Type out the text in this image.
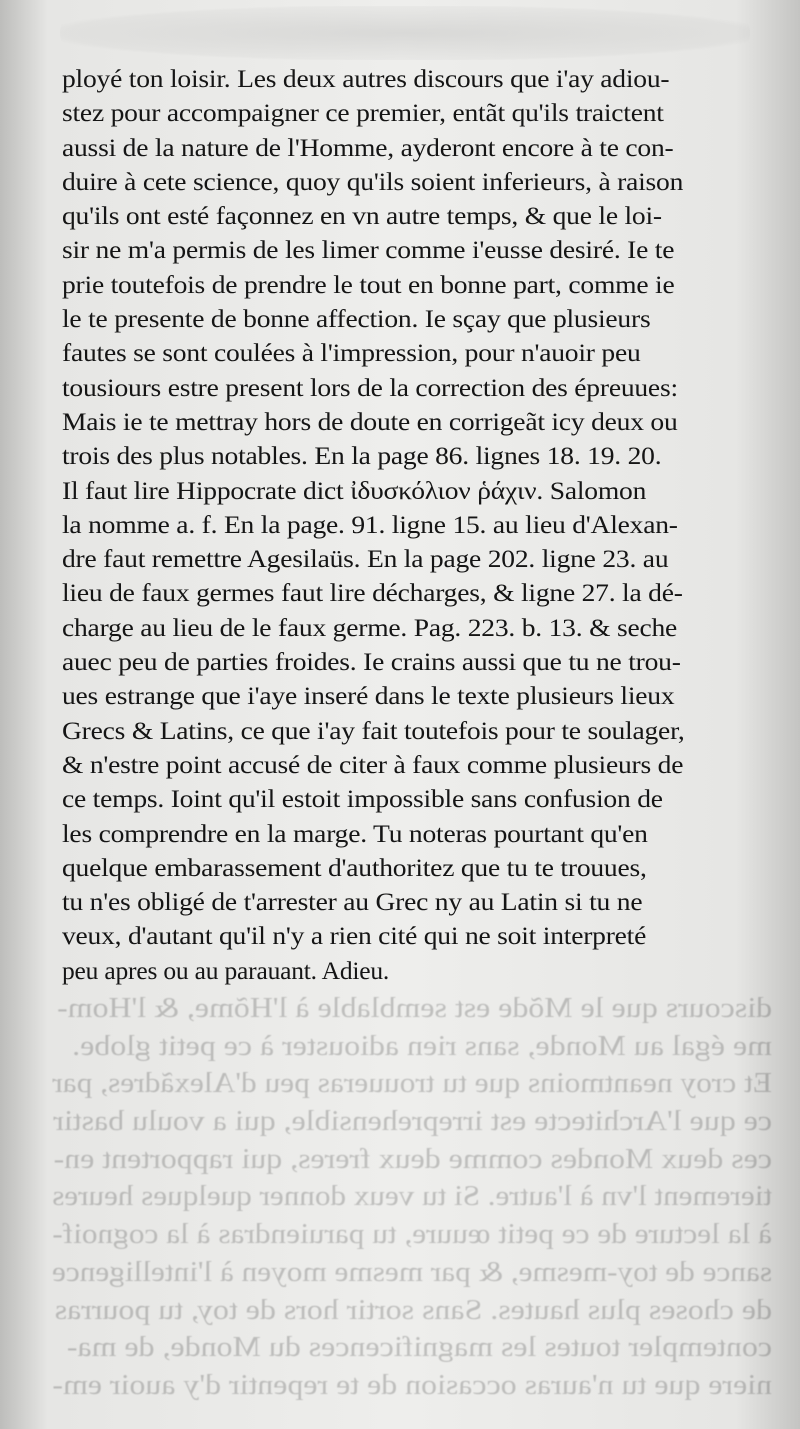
discours que le Mõde est semblable à l'Hõme, & l'Hom-
me égal au Monde, sans rien adiouster à ce petit globe.
Et croy neantmoins que tu trouueras peu d'Alexãdres, par
ce que l'Architecte est irreprehensible, qui a voulu bastir
ces deux Mondes comme deux freres, qui rapportent en-
tierement l'vn à l'autre. Si tu veux donner quelques heures
à la lecture de ce petit œuure, tu paruiendras à la cognoif-
sance de toy-mesme, & par mesme moyen à l'intelligence
de choses plus hautes. Sans sortir hors de toy, tu pourras
contempler toutes les magnificences du Monde, de ma-
niere que tu n'auras occasion de te repentir d'y auoir em-
ployé ton loisir. Les deux autres discours que i'ay adiou-
stez pour accompaigner ce premier, entãt qu'ils traictent
aussi de la nature de l'Homme, ayderont encore à te con-
duire à cete science, quoy qu'ils soient inferieurs, à raison
qu'ils ont esté façonnez en vn autre temps, & que le loi-
sir ne m'a permis de les limer comme i'eusse desiré. Ie te
prie toutefois de prendre le tout en bonne part, comme ie
le te presente de bonne affection. Ie sçay que plusieurs
fautes se sont coulées à l'impression, pour n'auoir peu
tousiours estre present lors de la correction des épreuues:
Mais ie te mettray hors de doute en corrigeãt icy deux ou
trois des plus notables. En la page 86. lignes 18. 19. 20.
Il faut lire Hippocrate dict ἰδυσκόλιον ῥάχιν. Salomon
la nomme a. f. En la page. 91. ligne 15. au lieu d'Alexan-
dre faut remettre Agesilaüs. En la page 202. ligne 23. au
lieu de faux germes faut lire décharges, & ligne 27. la dé-
charge au lieu de le faux germe. Pag. 223. b. 13. & seche
auec peu de parties froides. Ie crains aussi que tu ne trou-
ues estrange que i'aye inseré dans le texte plusieurs lieux
Grecs & Latins, ce que i'ay fait toutefois pour te soulager,
& n'estre point accusé de citer à faux comme plusieurs de
ce temps. Ioint qu'il estoit impossible sans confusion de
les comprendre en la marge. Tu noteras pourtant qu'en
quelque embarassement d'authoritez que tu te trouues,
tu n'es obligé de t'arrester au Grec ny au Latin si tu ne
veux, d'autant qu'il n'y a rien cité qui ne soit interpreté
peu apres ou au parauant. Adieu.
